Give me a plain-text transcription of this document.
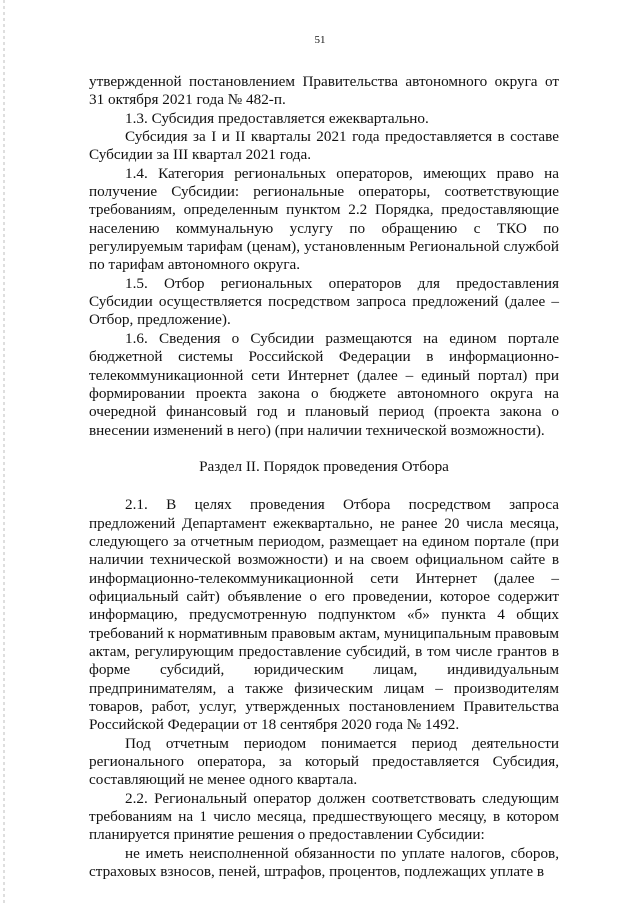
51

утвержденной постановлением Правительства автономного округа от 31 октября 2021 года № 482-п.

1.3. Субсидия предоставляется ежеквартально.

Субсидия за I и II кварталы 2021 года предоставляется в составе Субсидии за III квартал 2021 года.

1.4. Категория региональных операторов, имеющих право на получение Субсидии: региональные операторы, соответствующие требованиям, определенным пунктом 2.2 Порядка, предоставляющие населению коммунальную услугу по обращению с ТКО по регулируемым тарифам (ценам), установленным Региональной службой по тарифам автономного округа.

1.5. Отбор региональных операторов для предоставления Субсидии осуществляется посредством запроса предложений (далее – Отбор, предложение).

1.6. Сведения о Субсидии размещаются на едином портале бюджетной системы Российской Федерации в информационно-телекоммуникационной сети Интернет (далее – единый портал) при формировании проекта закона о бюджете автономного округа на очередной финансовый год и плановый период (проекта закона о внесении изменений в него) (при наличии технической возможности).

Раздел II. Порядок проведения Отбора

2.1. В целях проведения Отбора посредством запроса предложений Департамент ежеквартально, не ранее 20 числа месяца, следующего за отчетным периодом, размещает на едином портале (при наличии технической возможности) и на своем официальном сайте в информационно-телекоммуникационной сети Интернет (далее – официальный сайт) объявление о его проведении, которое содержит информацию, предусмотренную подпунктом «б» пункта 4 общих требований к нормативным правовым актам, муниципальным правовым актам, регулирующим предоставление субсидий, в том числе грантов в форме субсидий, юридическим лицам, индивидуальным предпринимателям, а также физическим лицам – производителям товаров, работ, услуг, утвержденных постановлением Правительства Российской Федерации от 18 сентября 2020 года № 1492.

Под отчетным периодом понимается период деятельности регионального оператора, за который предоставляется Субсидия, составляющий не менее одного квартала.

2.2. Региональный оператор должен соответствовать следующим требованиям на 1 число месяца, предшествующего месяцу, в котором планируется принятие решения о предоставлении Субсидии:

не иметь неисполненной обязанности по уплате налогов, сборов, страховых взносов, пеней, штрафов, процентов, подлежащих уплате в
